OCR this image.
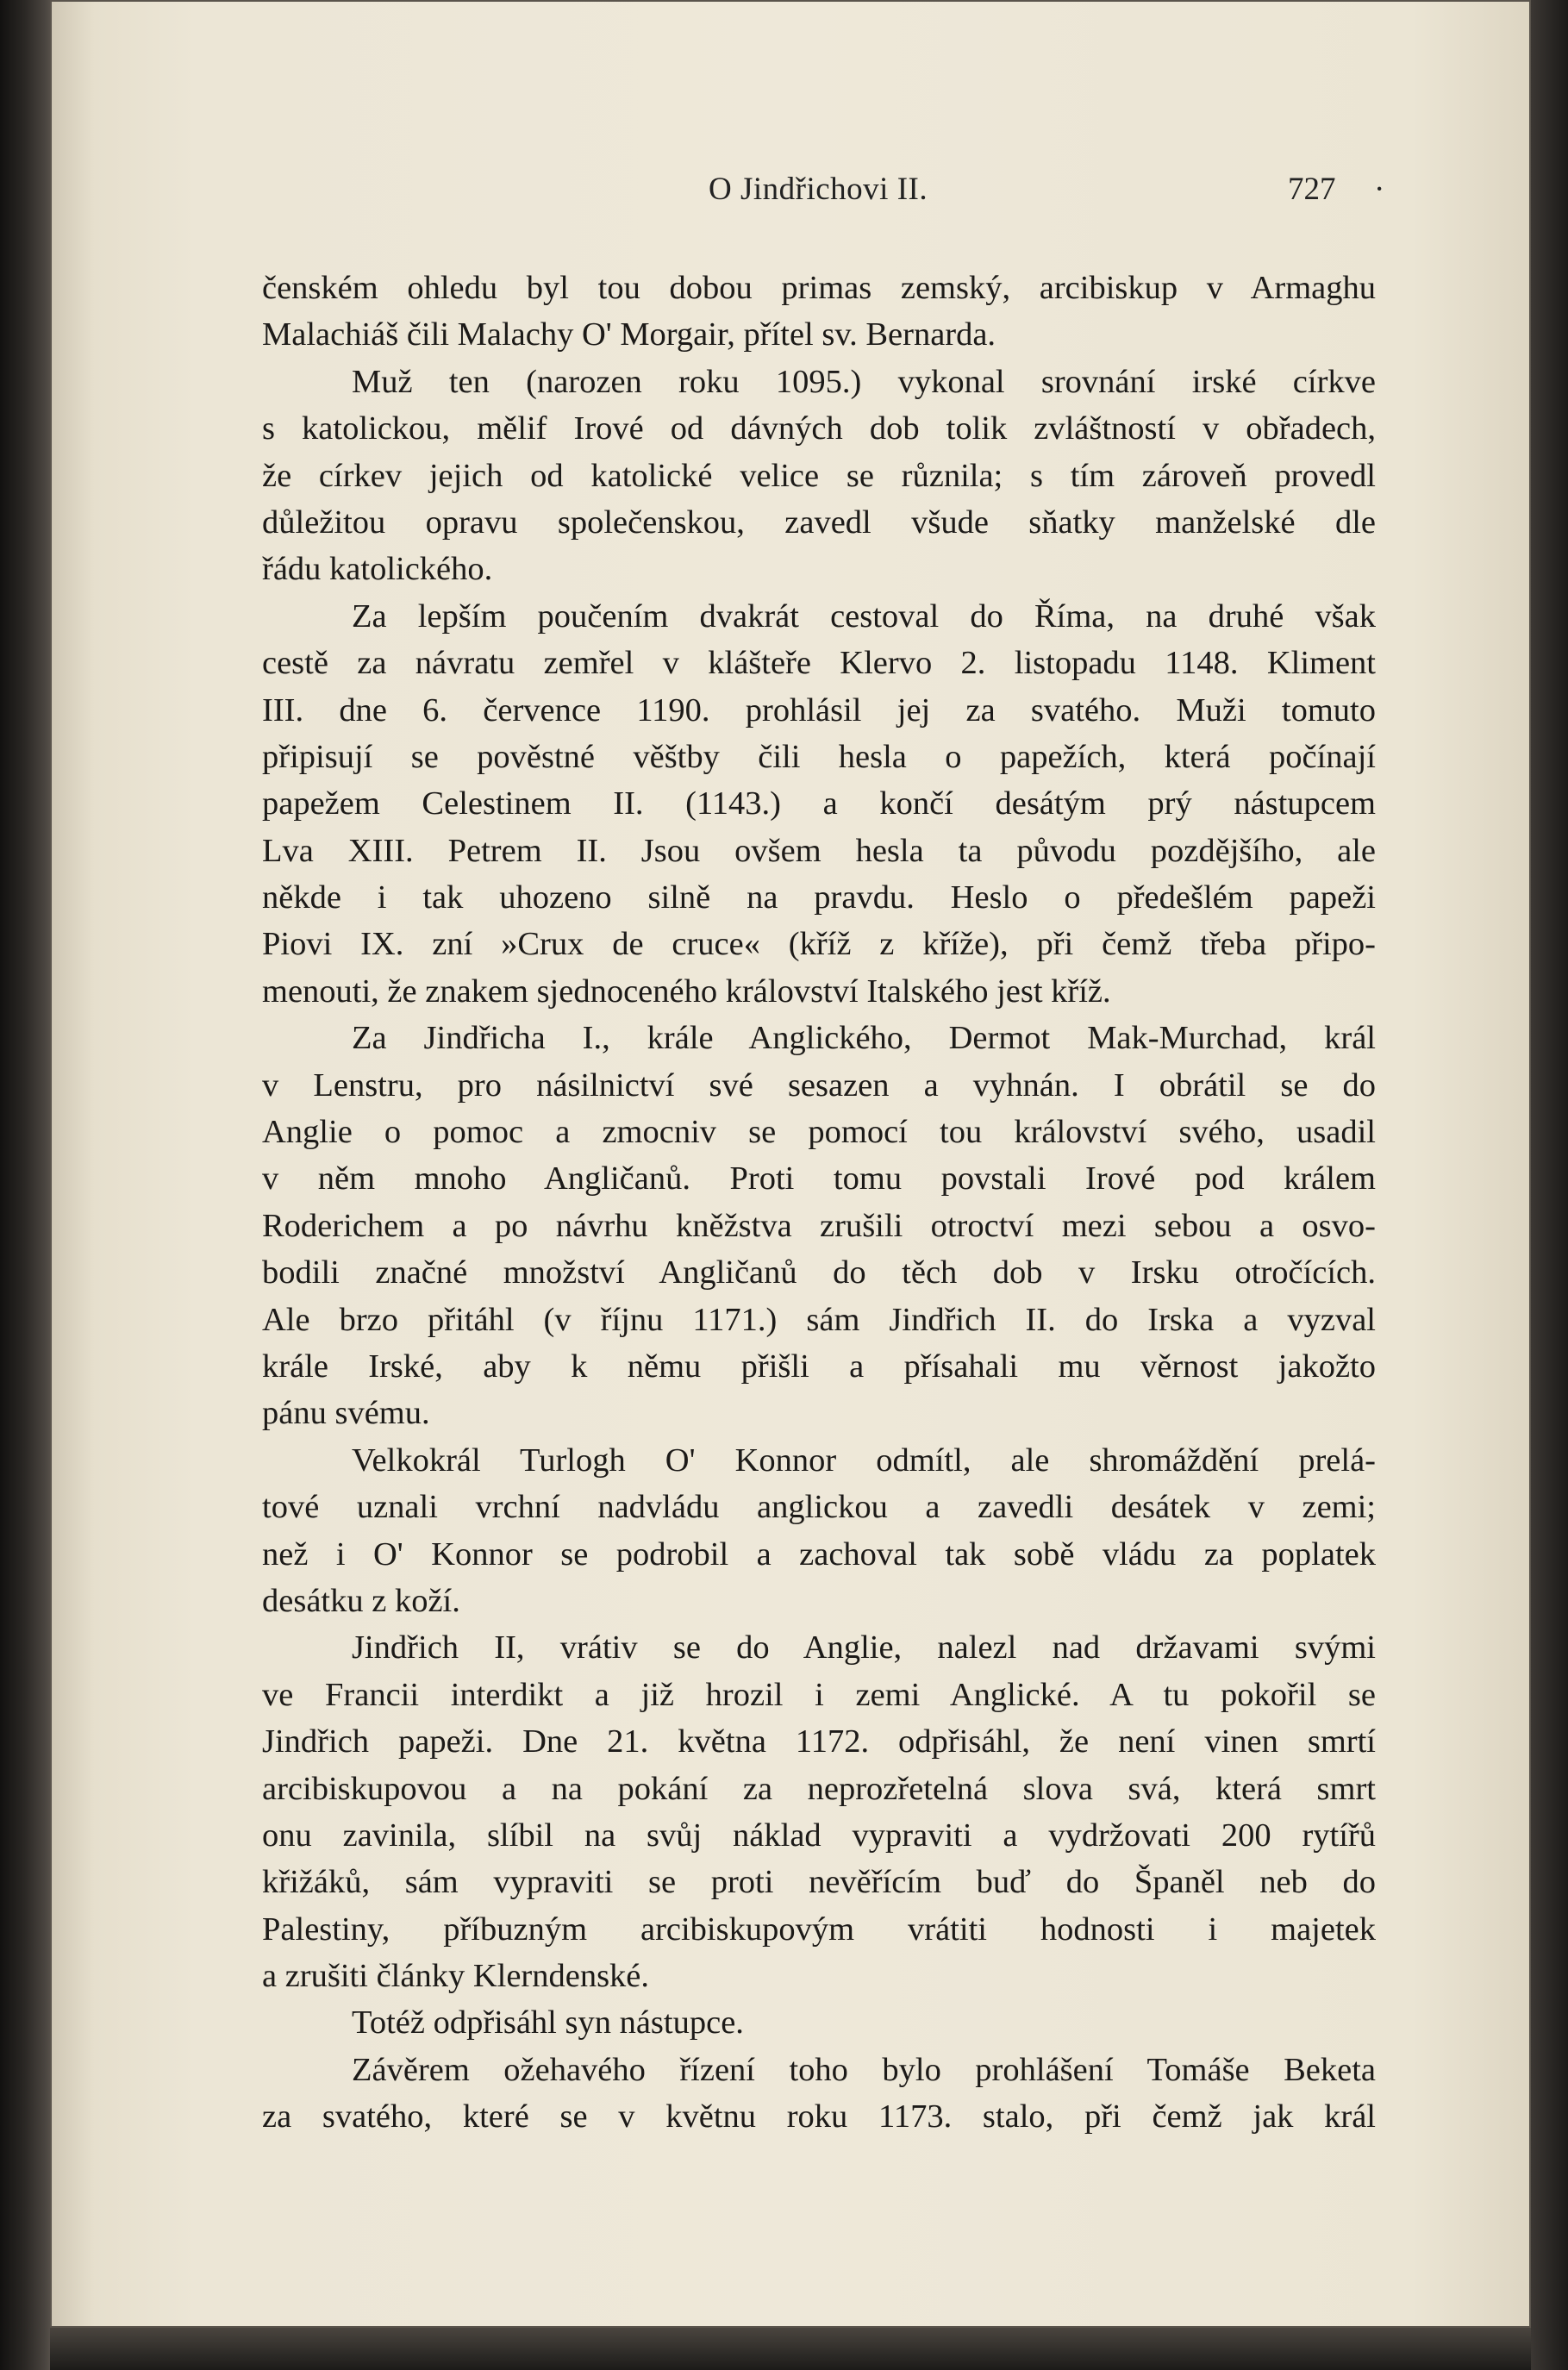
O Jindřichovi II.	727 ·
čenském ohledu byl tou dobou primas zemský, arcibiskup v Armaghu
Malachiáš čili Malachy O' Morgair, přítel sv. Bernarda.
Muž ten (narozen roku 1095.) vykonal srovnání irské církve
s katolickou, mělif Irové od dávných dob tolik zvláštností v obřadech,
že církev jejich od katolické velice se různila; s tím zároveň provedl
důležitou opravu společenskou, zavedl všude sňatky manželské dle
řádu katolického.
Za lepším poučením dvakrát cestoval do Říma, na druhé však
cestě za návratu zemřel v klášteře Klervo 2. listopadu 1148. Kliment
III. dne 6. července 1190. prohlásil jej za svatého. Muži tomuto
připisují se pověstné věštby čili hesla o papežích, která počínají
papežem Celestinem II. (1143.) a končí desátým prý nástupcem
Lva XIII. Petrem II. Jsou ovšem hesla ta původu pozdějšího, ale
někde i tak uhozeno silně na pravdu. Heslo o předešlém papeži
Piovi IX. zní »Crux de cruce« (kříž z kříže), při čemž třeba připo-
menouti, že znakem sjednoceného království Italského jest kříž.
Za Jindřicha I., krále Anglického, Dermot Mak-Murchad, král
v Lenstru, pro násilnictví své sesazen a vyhnán. I obrátil se do
Anglie o pomoc a zmocniv se pomocí tou království svého, usadil
v něm mnoho Angličanů. Proti tomu povstali Irové pod králem
Roderichem a po návrhu kněžstva zrušili otroctví mezi sebou a osvo-
bodili značné množství Angličanů do těch dob v Irsku otročících.
Ale brzo přitáhl (v říjnu 1171.) sám Jindřich II. do Irska a vyzval
krále Irské, aby k němu přišli a přísahali mu věrnost jakožto
pánu svému.
Velkokrál Turlogh O' Konnor odmítl, ale shromáždění prelá-
tové uznali vrchní nadvládu anglickou a zavedli desátek v zemi;
než i O' Konnor se podrobil a zachoval tak sobě vládu za poplatek
desátku z koží.
Jindřich II, vrátiv se do Anglie, nalezl nad državami svými
ve Francii interdikt a již hrozil i zemi Anglické. A tu pokořil se
Jindřich papeži. Dne 21. května 1172. odpřisáhl, že není vinen smrtí
arcibiskupovou a na pokání za neprozřetelná slova svá, která smrt
onu zavinila, slíbil na svůj náklad vypraviti a vydržovati 200 rytířů
křižáků, sám vypraviti se proti nevěřícím buď do Španěl neb do
Palestiny, příbuzným arcibiskupovým vrátiti hodnosti i majetek
a zrušiti články Klerndenské.
Totéž odpřisáhl syn nástupce.
Závěrem ožehavého řízení toho bylo prohlášení Tomáše Beketa
za svatého, které se v květnu roku 1173. stalo, při čemž jak král
